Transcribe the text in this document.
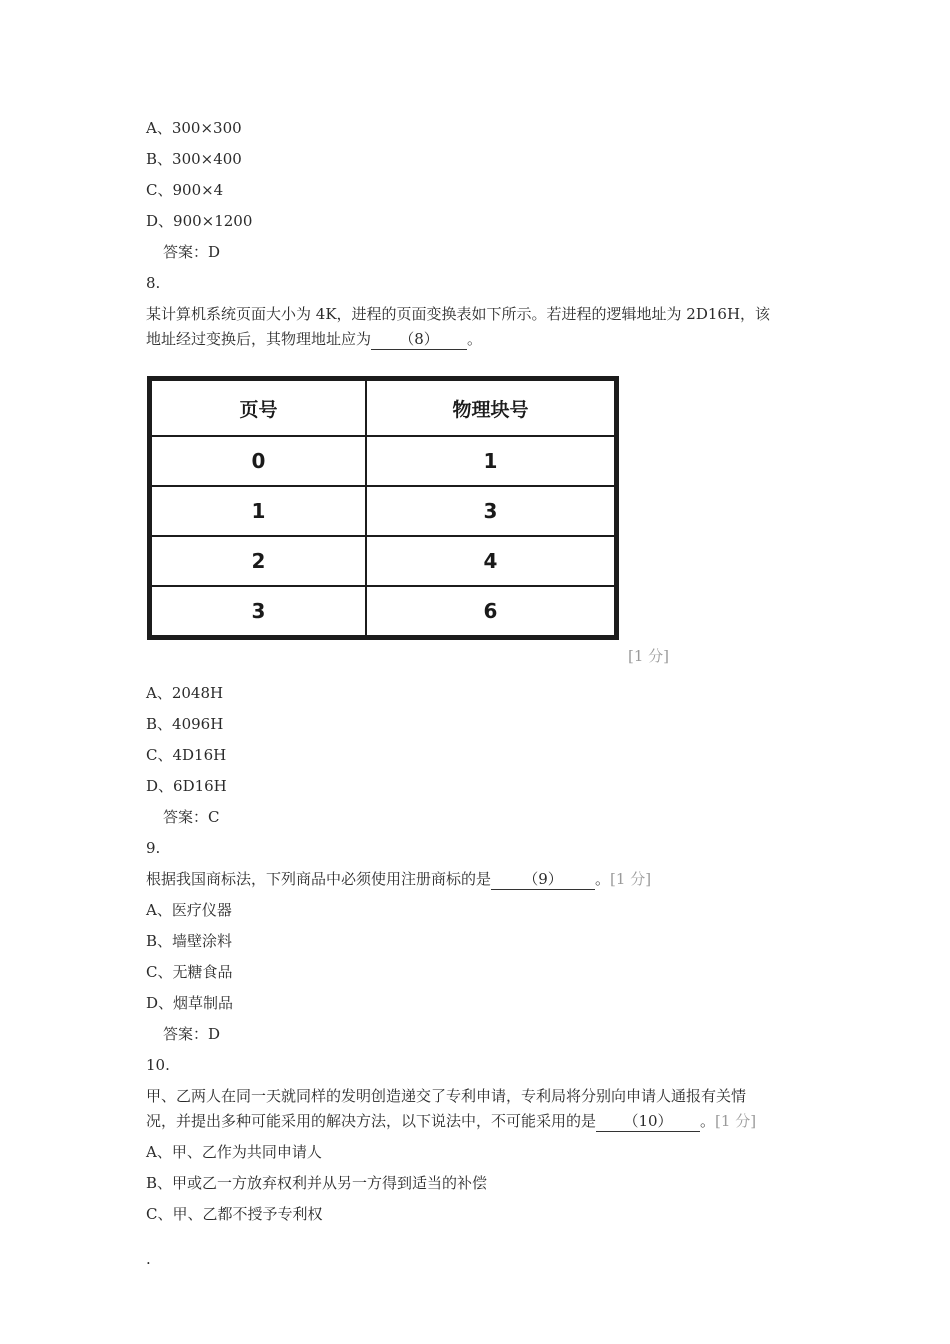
A、300×300
B、300×400
C、900×4
D、900×1200
答案：D
8.
某计算机系统页面大小为 4K，进程的页面变换表如下所示。若进程的逻辑地址为 2D16H，该
地址经过变换后，其物理地址应为 （8） 。
页号	物理块号
0	1
1	3
2	4
3	6
[1 分]
A、2048H
B、4096H
C、4D16H
D、6D16H
答案：C
9.
根据我国商标法，下列商品中必须使用注册商标的是 （9） 。[1 分]
A、医疗仪器
B、墙壁涂料
C、无糖食品
D、烟草制品
答案：D
10.
甲、乙两人在同一天就同样的发明创造递交了专利申请，专利局将分别向申请人通报有关情
况，并提出多种可能采用的解决方法，以下说法中，不可能采用的是 （10） 。[1 分]
A、甲、乙作为共同申请人
B、甲或乙一方放弃权利并从另一方得到适当的补偿
C、甲、乙都不授予专利权
.
